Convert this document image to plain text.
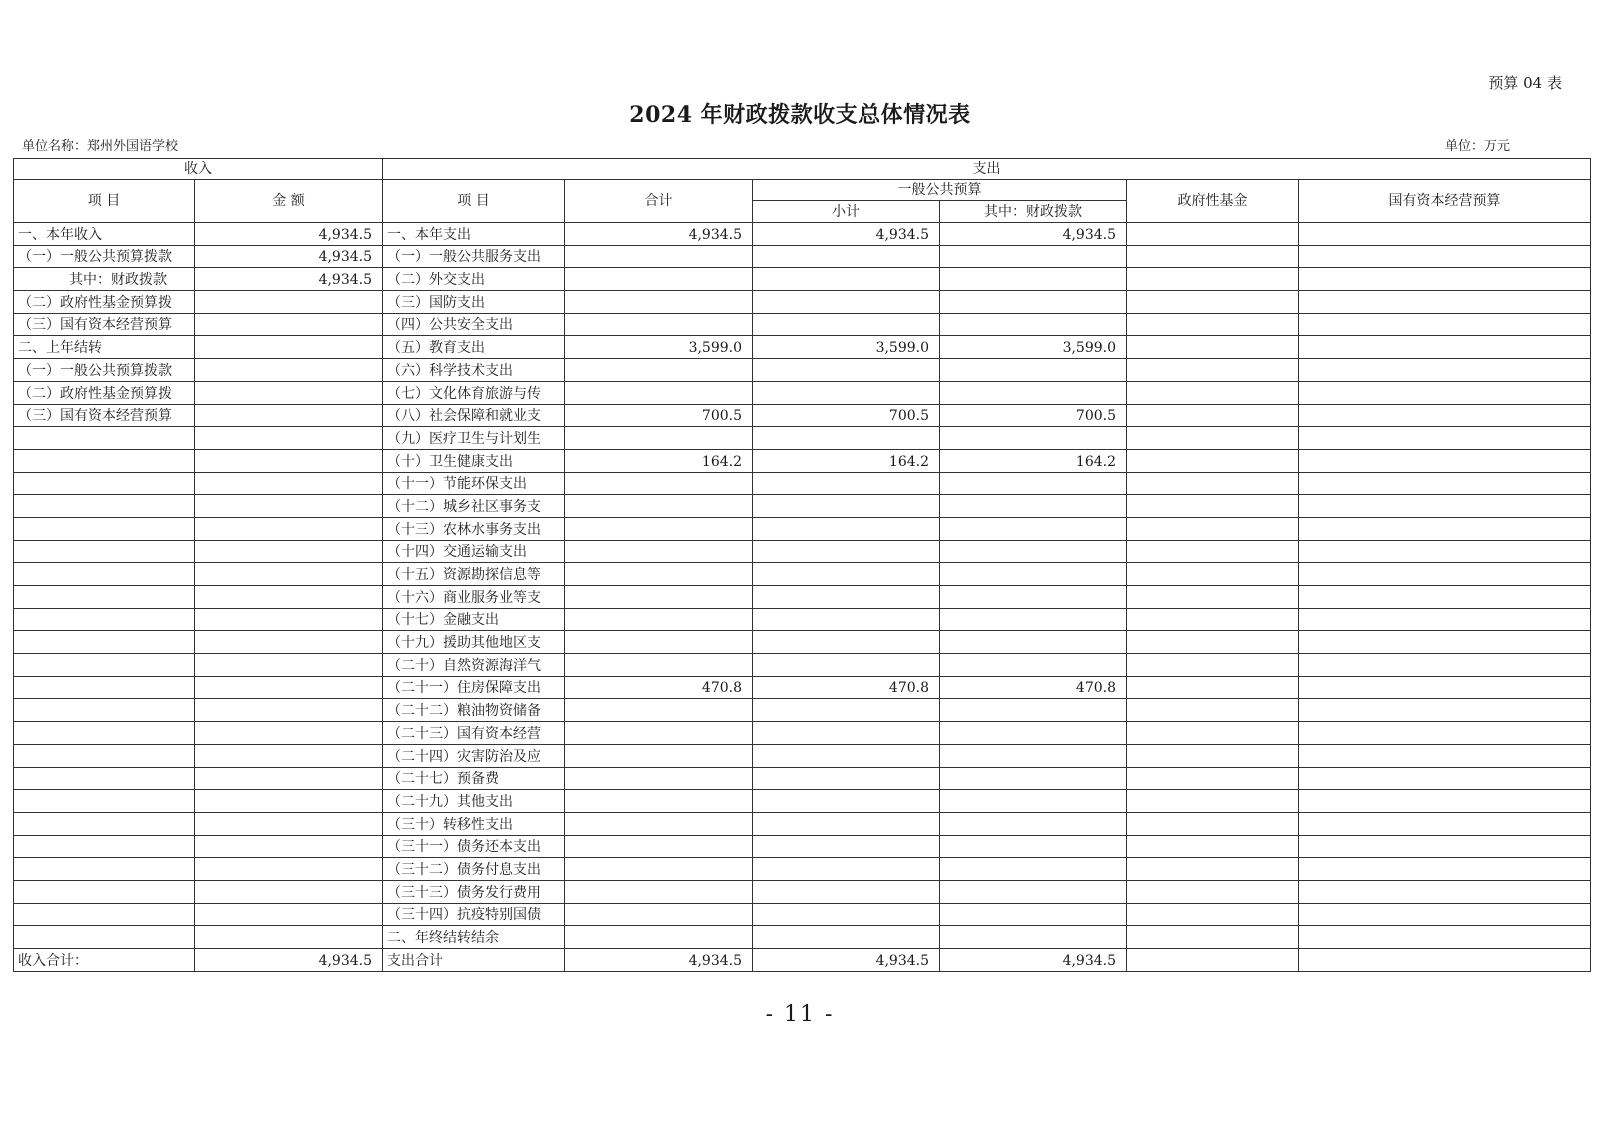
预算 04 表
2024 年财政拨款收支总体情况表
单位名称：郑州外国语学校	单位：万元
收入		支出					
项 目	金 额	项 目	合计	一般公共预算		政府性基金	国有资本经营预算
				小计	其中：财政拨款		
一、本年收入	4,934.5	一、本年支出	4,934.5	4,934.5	4,934.5		
（一）一般公共预算拨款	4,934.5	（一）一般公共服务支出					
其中：财政拨款	4,934.5	（二）外交支出					
（二）政府性基金预算拨		（三）国防支出					
（三）国有资本经营预算		（四）公共安全支出					
二、上年结转		（五）教育支出	3,599.0	3,599.0	3,599.0		
（一）一般公共预算拨款		（六）科学技术支出					
（二）政府性基金预算拨		（七）文化体育旅游与传					
（三）国有资本经营预算		（八）社会保障和就业支	700.5	700.5	700.5		
		（九）医疗卫生与计划生					
		（十）卫生健康支出	164.2	164.2	164.2		
		（十一）节能环保支出					
		（十二）城乡社区事务支					
		（十三）农林水事务支出					
		（十四）交通运输支出					
		（十五）资源勘探信息等					
		（十六）商业服务业等支					
		（十七）金融支出					
		（十九）援助其他地区支					
		（二十）自然资源海洋气					
		（二十一）住房保障支出	470.8	470.8	470.8		
		（二十二）粮油物资储备					
		（二十三）国有资本经营					
		（二十四）灾害防治及应					
		（二十七）预备费					
		（二十九）其他支出					
		（三十）转移性支出					
		（三十一）债务还本支出					
		（三十二）债务付息支出					
		（三十三）债务发行费用					
		（三十四）抗疫特别国债					
		二、年终结转结余					
收入合计：	4,934.5	支出合计	4,934.5	4,934.5	4,934.5		
- 11 -
